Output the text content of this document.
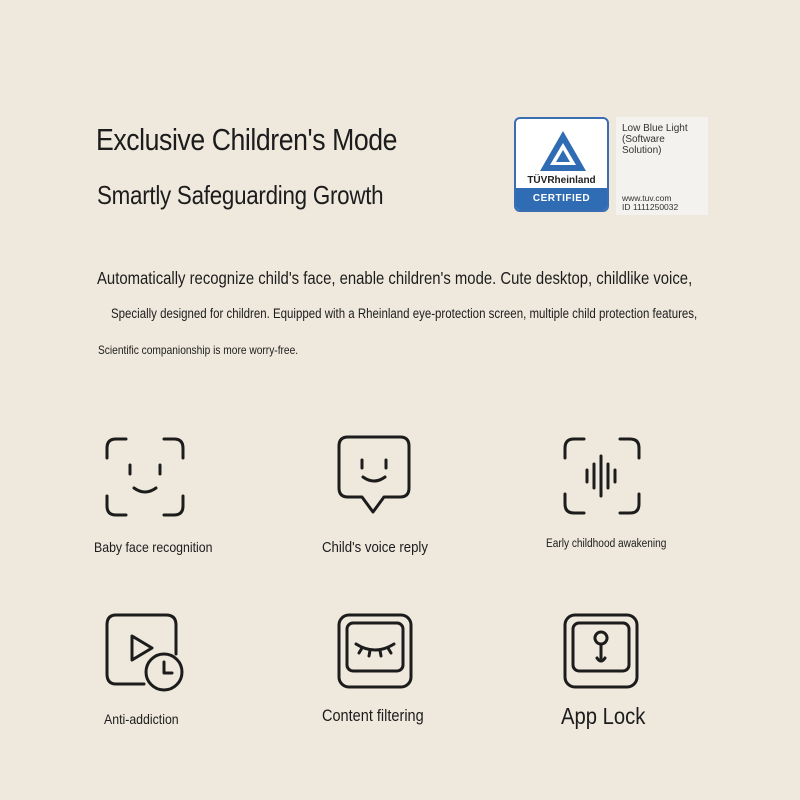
Exclusive Children's Mode
Smartly Safeguarding Growth	TÜVRheinland
CERTIFIED
Low Blue Light
(Software
Solution)
www.tuv.com
ID 1111250032
Automatically recognize child's face, enable children's mode. Cute desktop, childlike voice,
Specially designed for children. Equipped with a Rheinland eye-protection screen, multiple child protection features,
Scientific companionship is more worry-free.
Baby face recognition	Child's voice reply	Early childhood awakening
Anti-addiction	Content filtering	App Lock
